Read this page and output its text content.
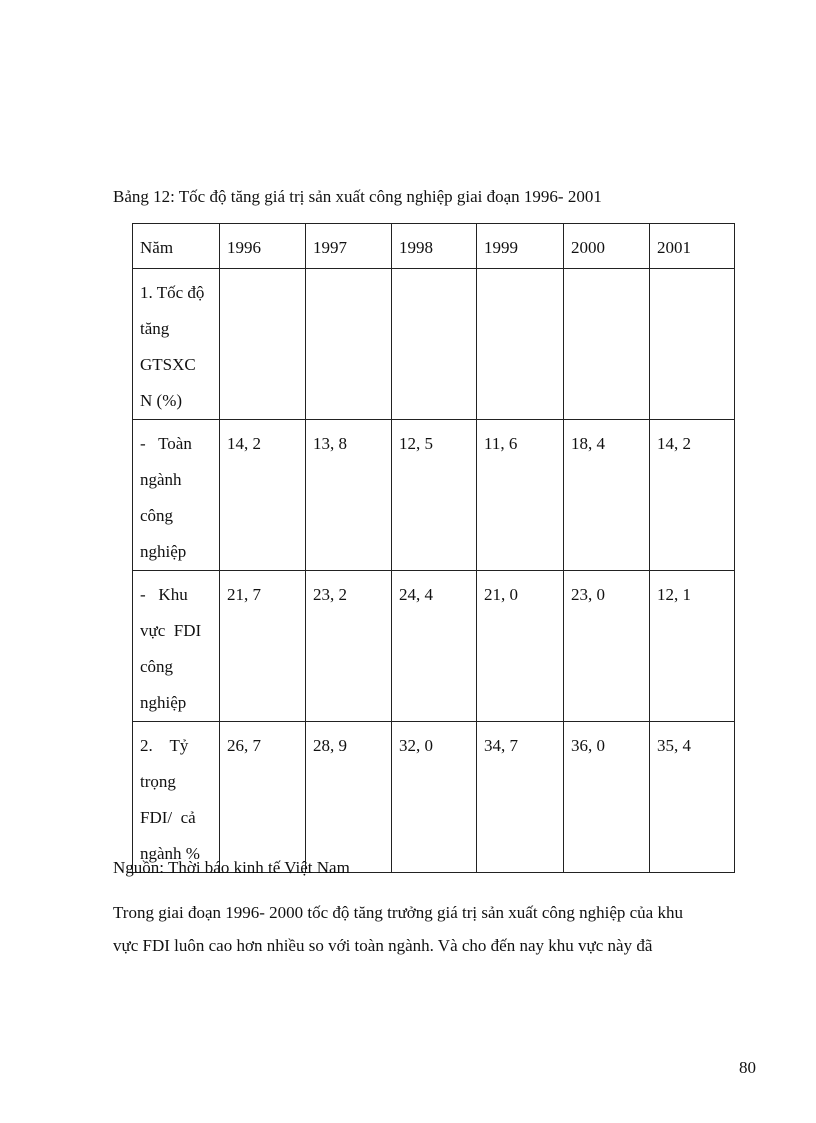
Bảng 12: Tốc độ tăng giá trị sản xuất công nghiệp giai đoạn 1996- 2001
Năm	1996	1997	1998	1999	2000	2001

1. Tốc độ
tăng
GTSXC
N (%)						

-   Toàn
ngành
công
nghiệp	14, 2	13, 8	12, 5	11, 6	18, 4	14, 2

-   Khu
vực  FDI
công
nghiệp	21, 7	23, 2	24, 4	21, 0	23, 0	12, 1

2.    Tỷ
trọng
FDI/  cả
ngành %	26, 7	28, 9	32, 0	34, 7	36, 0	35, 4
Nguồn: Thời báo kinh tế Việt Nam
Trong giai đoạn 1996- 2000 tốc độ tăng trưởng giá trị sản xuất công nghiệp của khu
vực FDI luôn cao hơn nhiều so với toàn ngành. Và cho đến nay khu vực này đã
80
